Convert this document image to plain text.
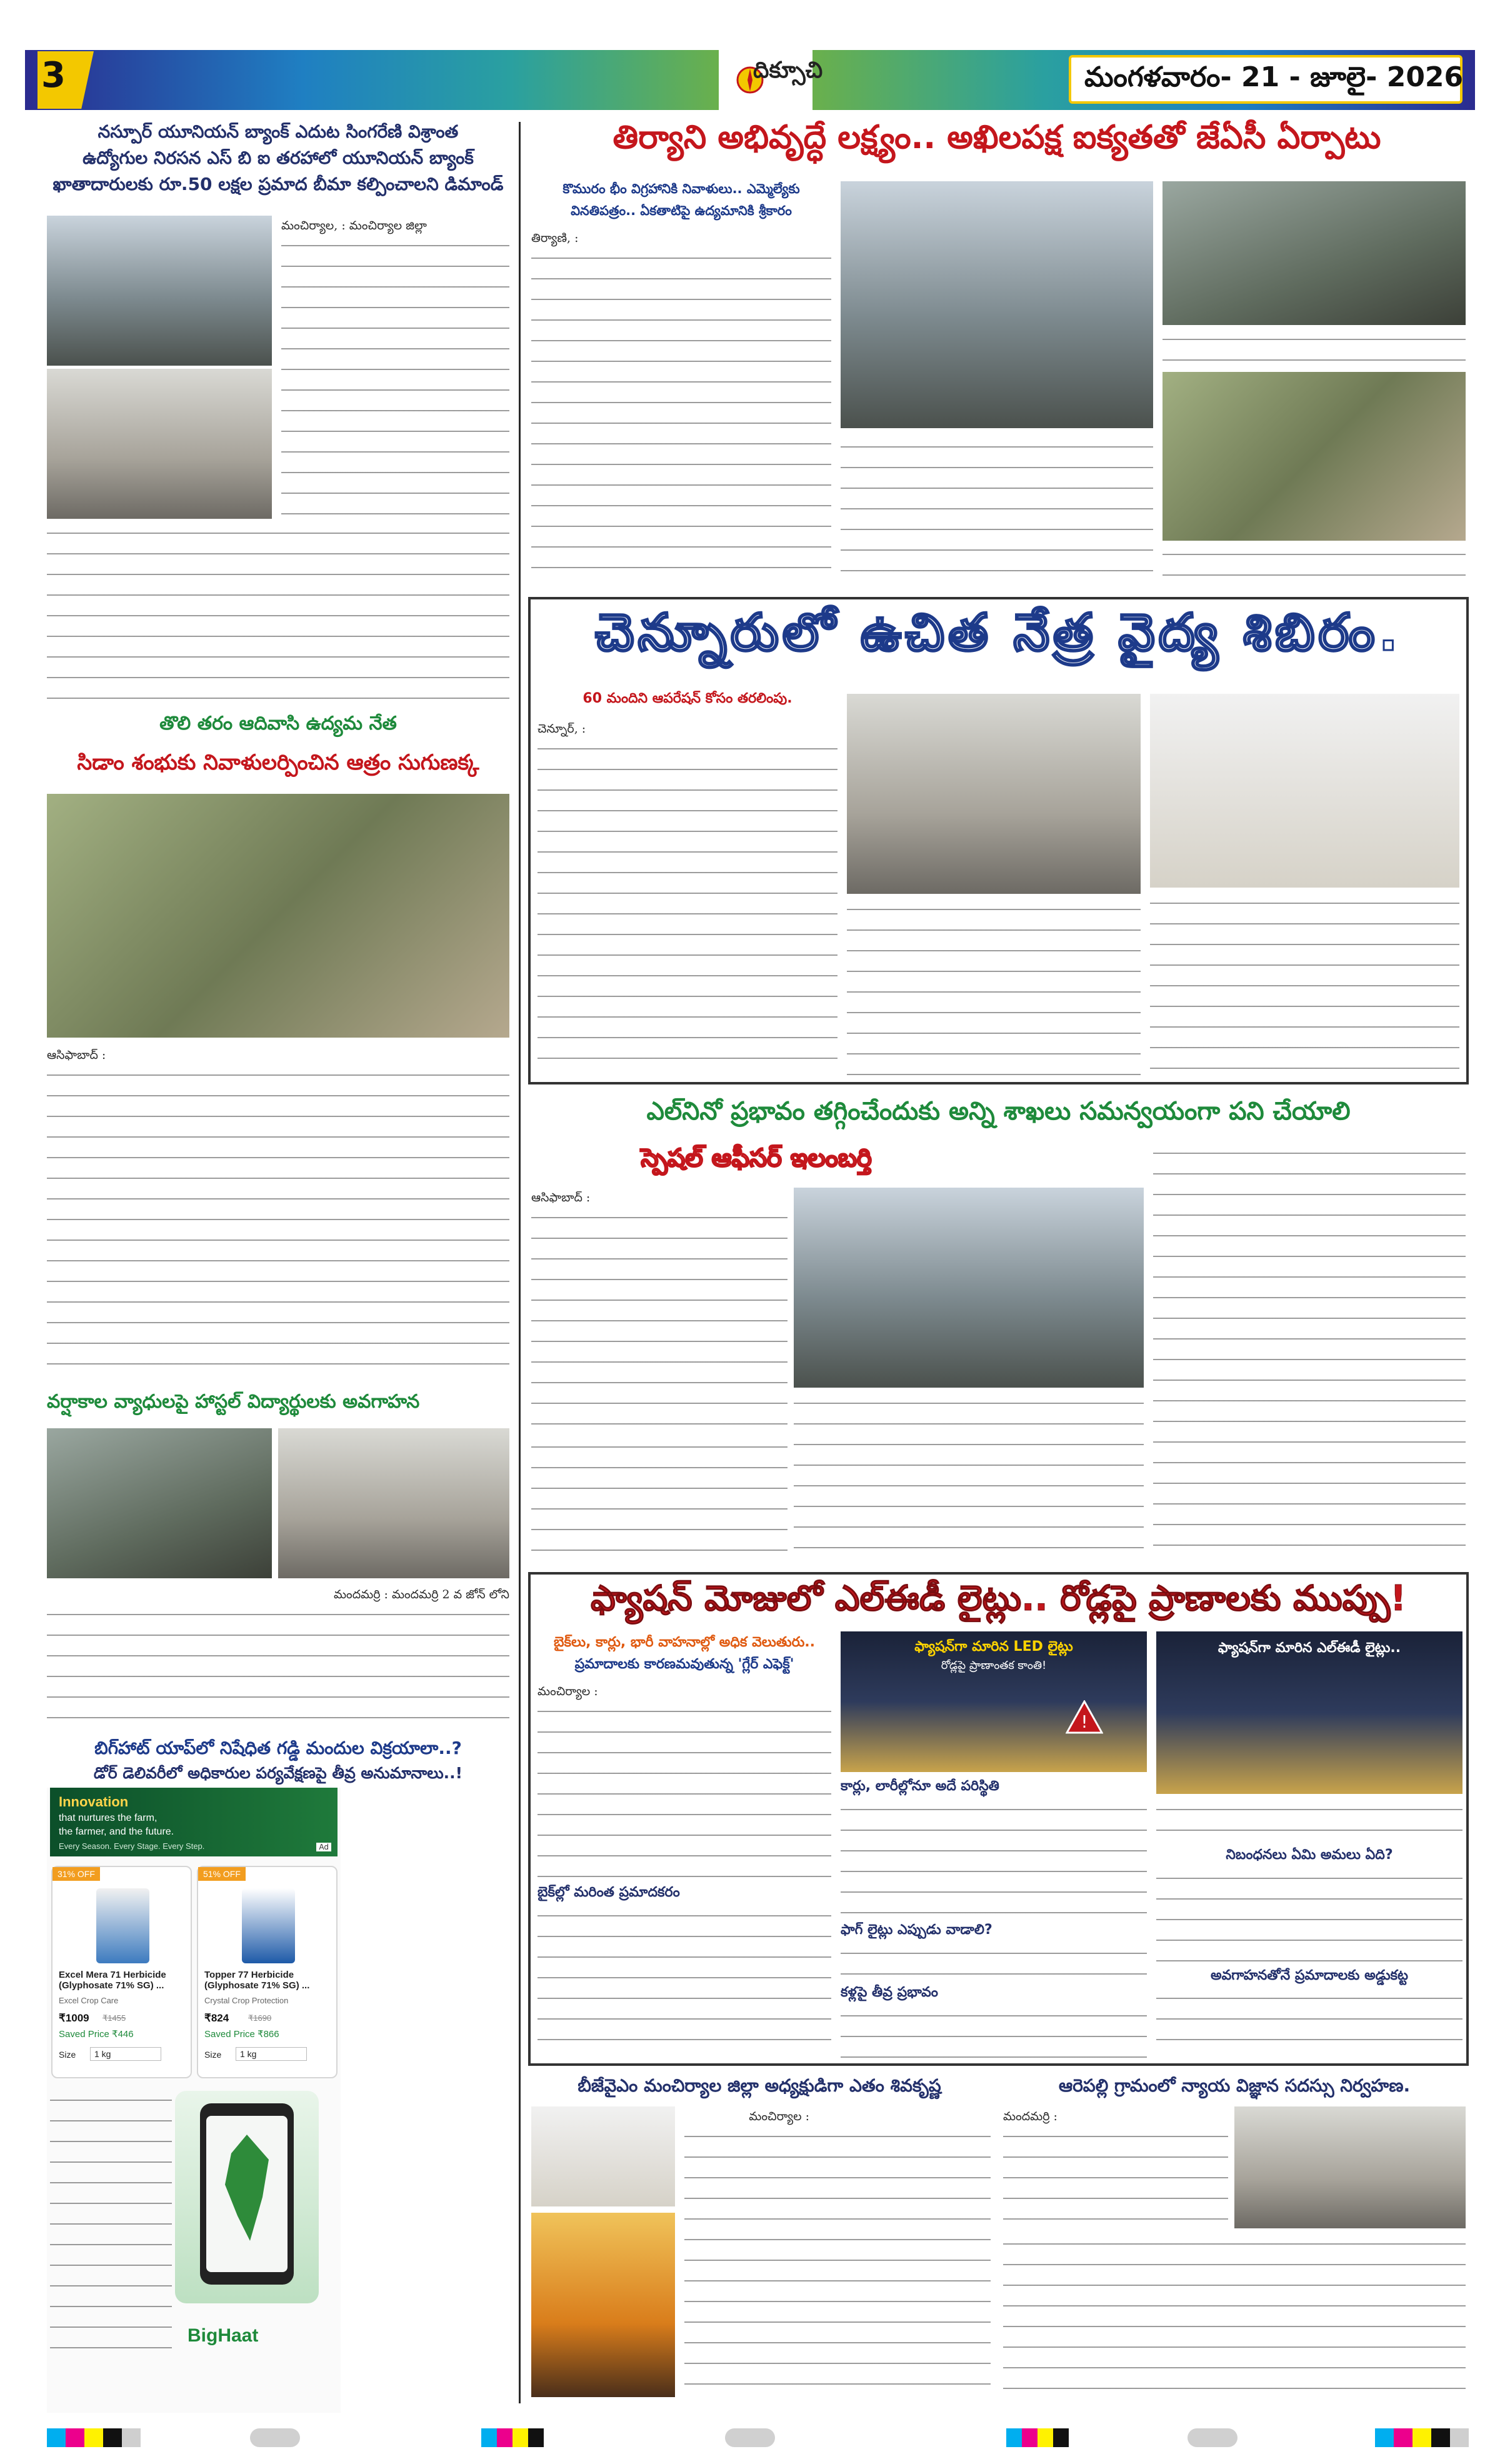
3	దిక్సూచి	మంగళవారం- 21 - జూలై- 2026
నస్పూర్ యూనియన్ బ్యాంక్ ఎదుట సింగరేణి విశ్రాంత
ఉద్యోగుల నిరసన ఎస్ బి ఐ తరహాలో యూనియన్ బ్యాంక్
ఖాతాదారులకు రూ.50 లక్షల ప్రమాద బీమా కల్పించాలని డిమాండ్
మంచిర్యాల, : మంచిర్యాల జిల్లా
తొలి తరం ఆదివాసి ఉద్యమ నేత
సిడాం శంభుకు నివాళులర్పించిన ఆత్రం సుగుణక్క
ఆసిఫాబాద్ :
వర్షాకాల వ్యాధులపై హాస్టల్ విద్యార్థులకు అవగాహన
మందమర్రి : మందమర్రి 2 వ జోన్ లోని
బిగ్‌హాట్ యాప్‌లో నిషేధిత గడ్డి మందుల విక్రయాలా..?
డోర్ డెలివరీలో అధికారుల పర్యవేక్షణపై తీవ్ర అనుమానాలు..!
Innovation
that nurtures the farm,
the farmer, and the future.
Every Season. Every Stage. Every Step.	Ad
31% OFF
Excel Mera 71 Herbicide (Glyphosate 71% SG) ...
Excel Crop Care
₹1009 ₹1455
Saved Price ₹446
Size	1 kg
51% OFF
Topper 77 Herbicide (Glyphosate 71% SG) ...
Crystal Crop Protection
₹824 ₹1690
Saved Price ₹866
Size	1 kg
BigHaat
తిర్యాని అభివృద్ధే లక్ష్యం.. అఖిలపక్ష ఐక్యతతో జేఏసీ ఏర్పాటు
కొమురం భీం విగ్రహానికి నివాళులు.. ఎమ్మెల్యేకు
వినతిపత్రం.. ఏకతాటిపై ఉద్యమానికి శ్రీకారం
తిర్యాణి, :
చెన్నూరులో ఉచిత నేత్ర వైద్య శిబిరం.
60 మందిని ఆపరేషన్ కోసం తరలింపు.
చెన్నూర్, :
ఎల్‌నినో ప్రభావం తగ్గించేందుకు అన్ని శాఖలు సమన్వయంగా పని చేయాలి
స్పెషల్ ఆఫీసర్ ఇలంబర్తి
ఆసిఫాబాద్ :
ఫ్యాషన్ మోజులో ఎల్ఈడీ లైట్లు.. రోడ్లపై ప్రాణాలకు ముప్పు!
బైక్‌లు, కార్లు, భారీ వాహనాల్లో అధిక వెలుతురు..
ప్రమాదాలకు కారణమవుతున్న 'గ్లేర్ ఎఫెక్ట్'
మంచిర్యాల :
బైక్‌ల్లో మరింత ప్రమాదకరం
ఫ్యాషన్‌గా మారిన LED లైట్లు
రోడ్లపై ప్రాణాంతక కాంతి!
!
కార్లు, లారీల్లోనూ అదే పరిస్థితి
ఫాగ్ లైట్లు ఎప్పుడు వాడాలి?
కళ్లపై తీవ్ర ప్రభావం
ఫ్యాషన్‌గా మారిన ఎల్ఈడీ లైట్లు..
నిబంధనలు ఏమి అమలు ఏది?
అవగాహనతోనే ప్రమాదాలకు అడ్డుకట్ట
బీజేవైఎం మంచిర్యాల జిల్లా అధ్యక్షుడిగా ఎతం శివకృష్ణ
మంచిర్యాల :
ఆరెపల్లి గ్రామంలో న్యాయ విజ్ఞాన సదస్సు నిర్వహణ.
మందమర్రి :
